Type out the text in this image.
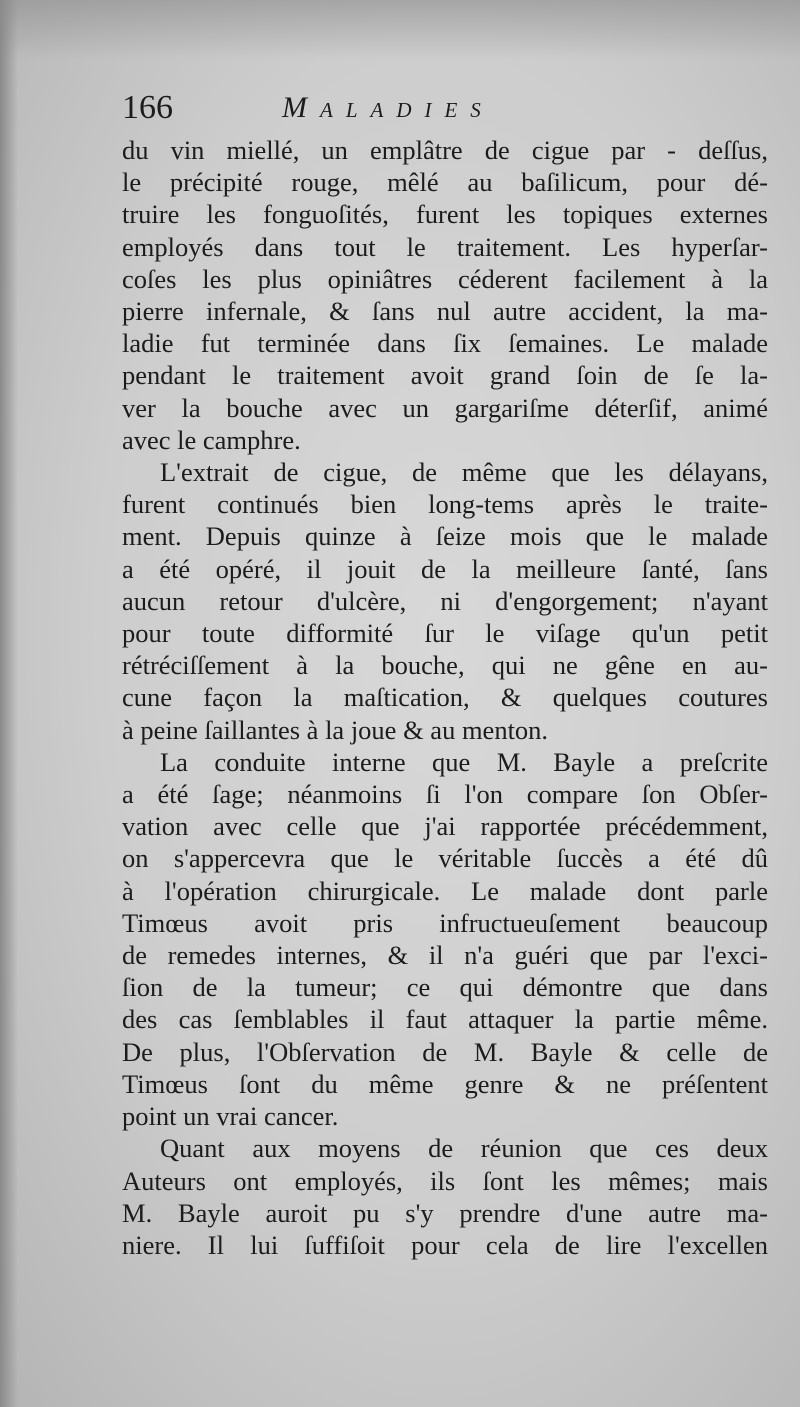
166	Maladies

du vin miellé, un emplâtre de cigue par - deſſus,
le précipité rouge, mêlé au baſilicum, pour dé-
truire les fonguoſités, furent les topiques externes
employés dans tout le traitement. Les hyperſar-
coſes les plus opiniâtres céderent facilement à la
pierre infernale, & ſans nul autre accident, la ma-
ladie fut terminée dans ſix ſemaines. Le malade
pendant le traitement avoit grand ſoin de ſe la-
ver la bouche avec un gargariſme déterſif, animé
avec le camphre.

L'extrait de cigue, de même que les délayans,
furent continués bien long-tems après le traite-
ment. Depuis quinze à ſeize mois que le malade
a été opéré, il jouit de la meilleure ſanté, ſans
aucun retour d'ulcère, ni d'engorgement; n'ayant
pour toute difformité ſur le viſage qu'un petit
rétréciſſement à la bouche, qui ne gêne en au-
cune façon la maſtication, & quelques coutures
à peine ſaillantes à la joue & au menton.

La conduite interne que M. Bayle a preſcrite
a été ſage; néanmoins ſi l'on compare ſon Obſer-
vation avec celle que j'ai rapportée précédemment,
on s'appercevra que le véritable ſuccès a été dû
à l'opération chirurgicale. Le malade dont parle
Timœus avoit pris infructueuſement beaucoup
de remedes internes, & il n'a guéri que par l'exci-
ſion de la tumeur; ce qui démontre que dans
des cas ſemblables il faut attaquer la partie même.
De plus, l'Obſervation de M. Bayle & celle de
Timœus ſont du même genre & ne préſentent
point un vrai cancer.

Quant aux moyens de réunion que ces deux
Auteurs ont employés, ils ſont les mêmes; mais
M. Bayle auroit pu s'y prendre d'une autre ma-
niere. Il lui ſuffiſoit pour cela de lire l'excellen
